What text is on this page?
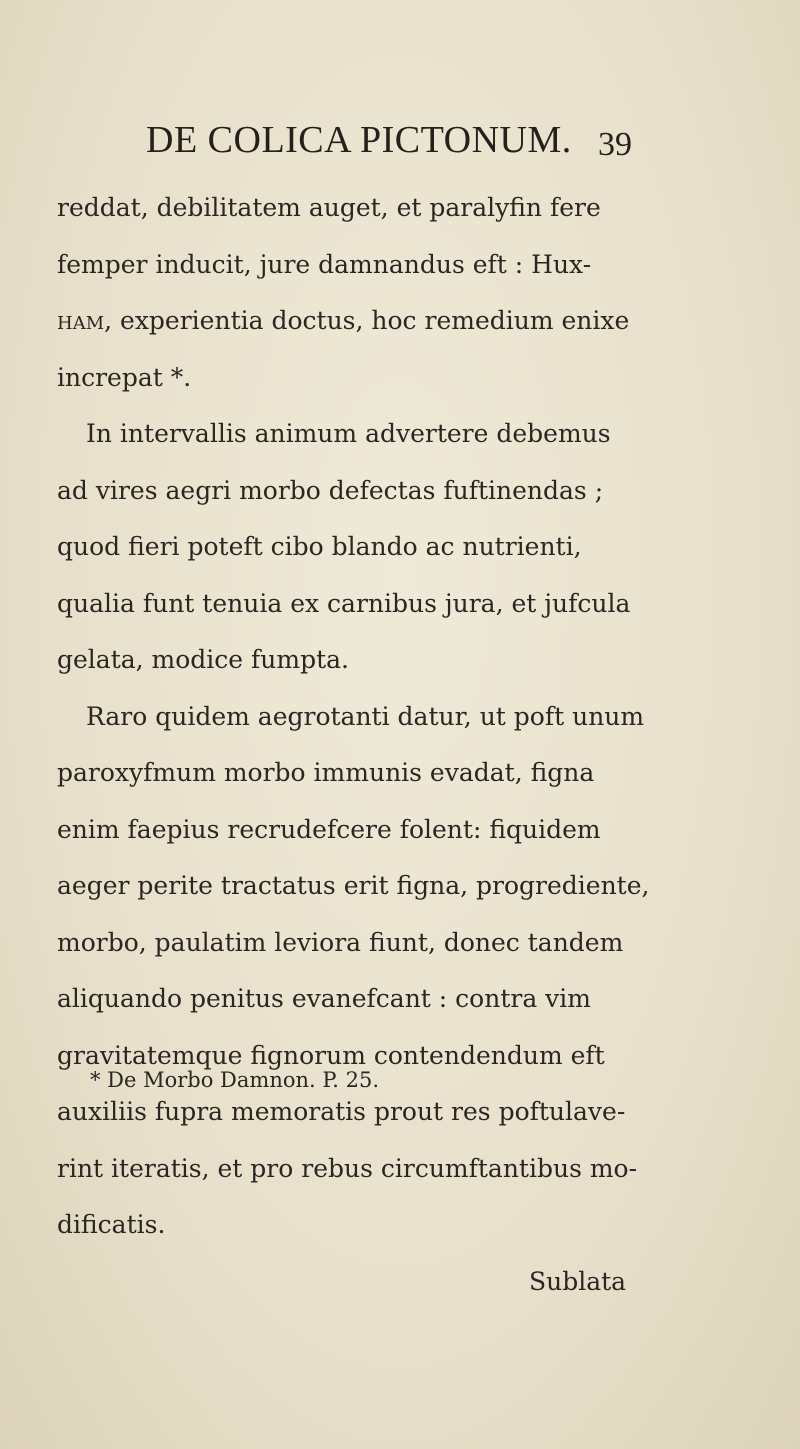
DE COLICA PICTONUM. 39
reddat, debilitatem auget, et paralyfin fere
femper inducit, jure damnandus eft : Hux-
ham, experientia doctus, hoc remedium enixe
increpat *.
In intervallis animum advertere debemus
ad vires aegri morbo defectas fuftinendas ;
quod fieri poteft cibo blando ac nutrienti,
qualia funt tenuia ex carnibus jura, et jufcula
gelata, modice fumpta.
Raro quidem aegrotanti datur, ut poft unum
paroxyfmum morbo immunis evadat, figna
enim faepius recrudefcere folent: fiquidem
aeger perite tractatus erit figna, progrediente,
morbo, paulatim leviora fiunt, donec tandem
aliquando penitus evanefcant : contra vim
gravitatemque fignorum contendendum eft
auxiliis fupra memoratis prout res poftulave-
rint iteratis, et pro rebus circumftantibus mo-
dificatis.
Sublata
* De Morbo Damnon. P. 25.
